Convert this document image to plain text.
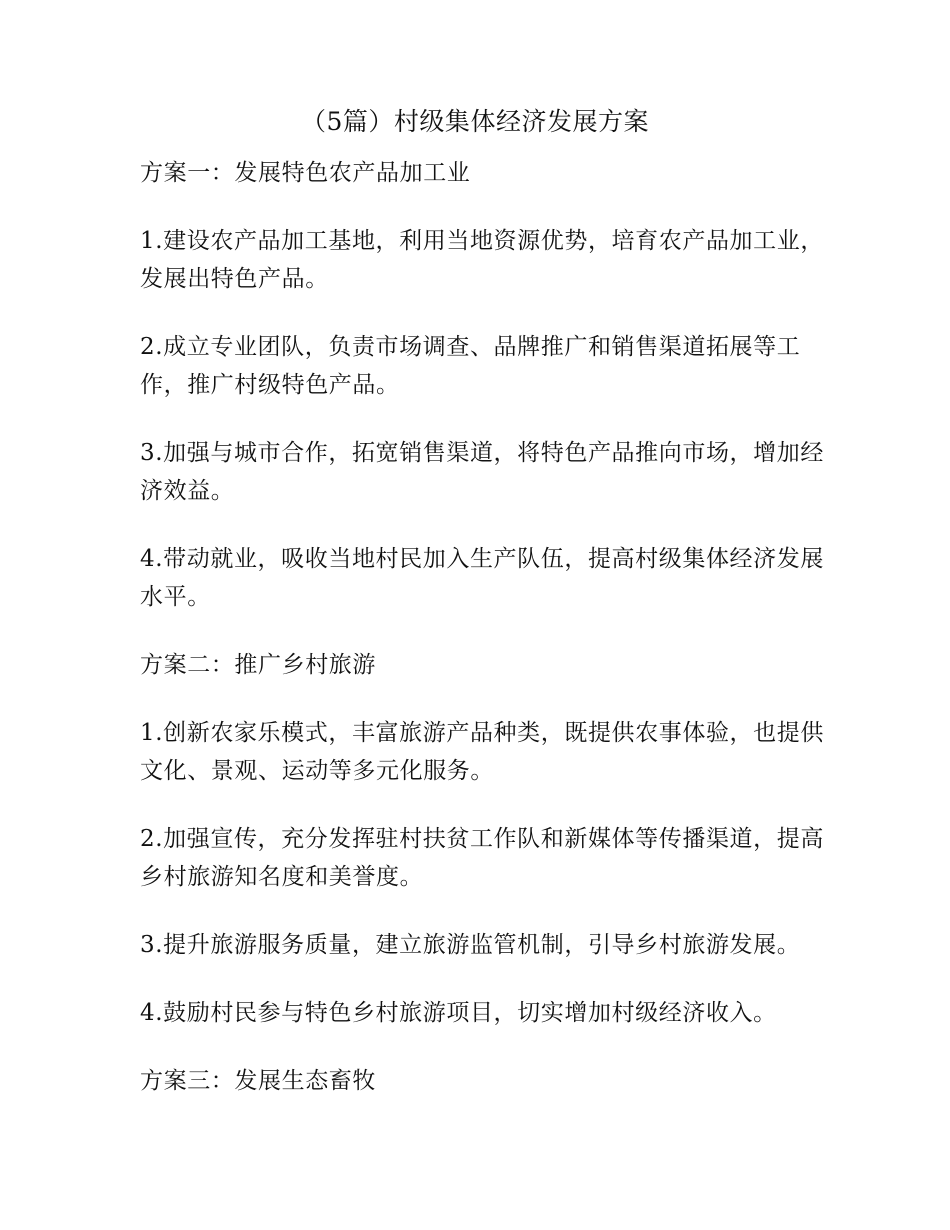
（5篇）村级集体经济发展方案

方案一：发展特色农产品加工业

1.建设农产品加工基地，利用当地资源优势，培育农产品加工业，发展出特色产品。

2.成立专业团队，负责市场调查、品牌推广和销售渠道拓展等工作，推广村级特色产品。

3.加强与城市合作，拓宽销售渠道，将特色产品推向市场，增加经济效益。

4.带动就业，吸收当地村民加入生产队伍，提高村级集体经济发展水平。

方案二：推广乡村旅游

1.创新农家乐模式，丰富旅游产品种类，既提供农事体验，也提供文化、景观、运动等多元化服务。

2.加强宣传，充分发挥驻村扶贫工作队和新媒体等传播渠道，提高乡村旅游知名度和美誉度。

3.提升旅游服务质量，建立旅游监管机制，引导乡村旅游发展。

4.鼓励村民参与特色乡村旅游项目，切实增加村级经济收入。

方案三：发展生态畜牧
